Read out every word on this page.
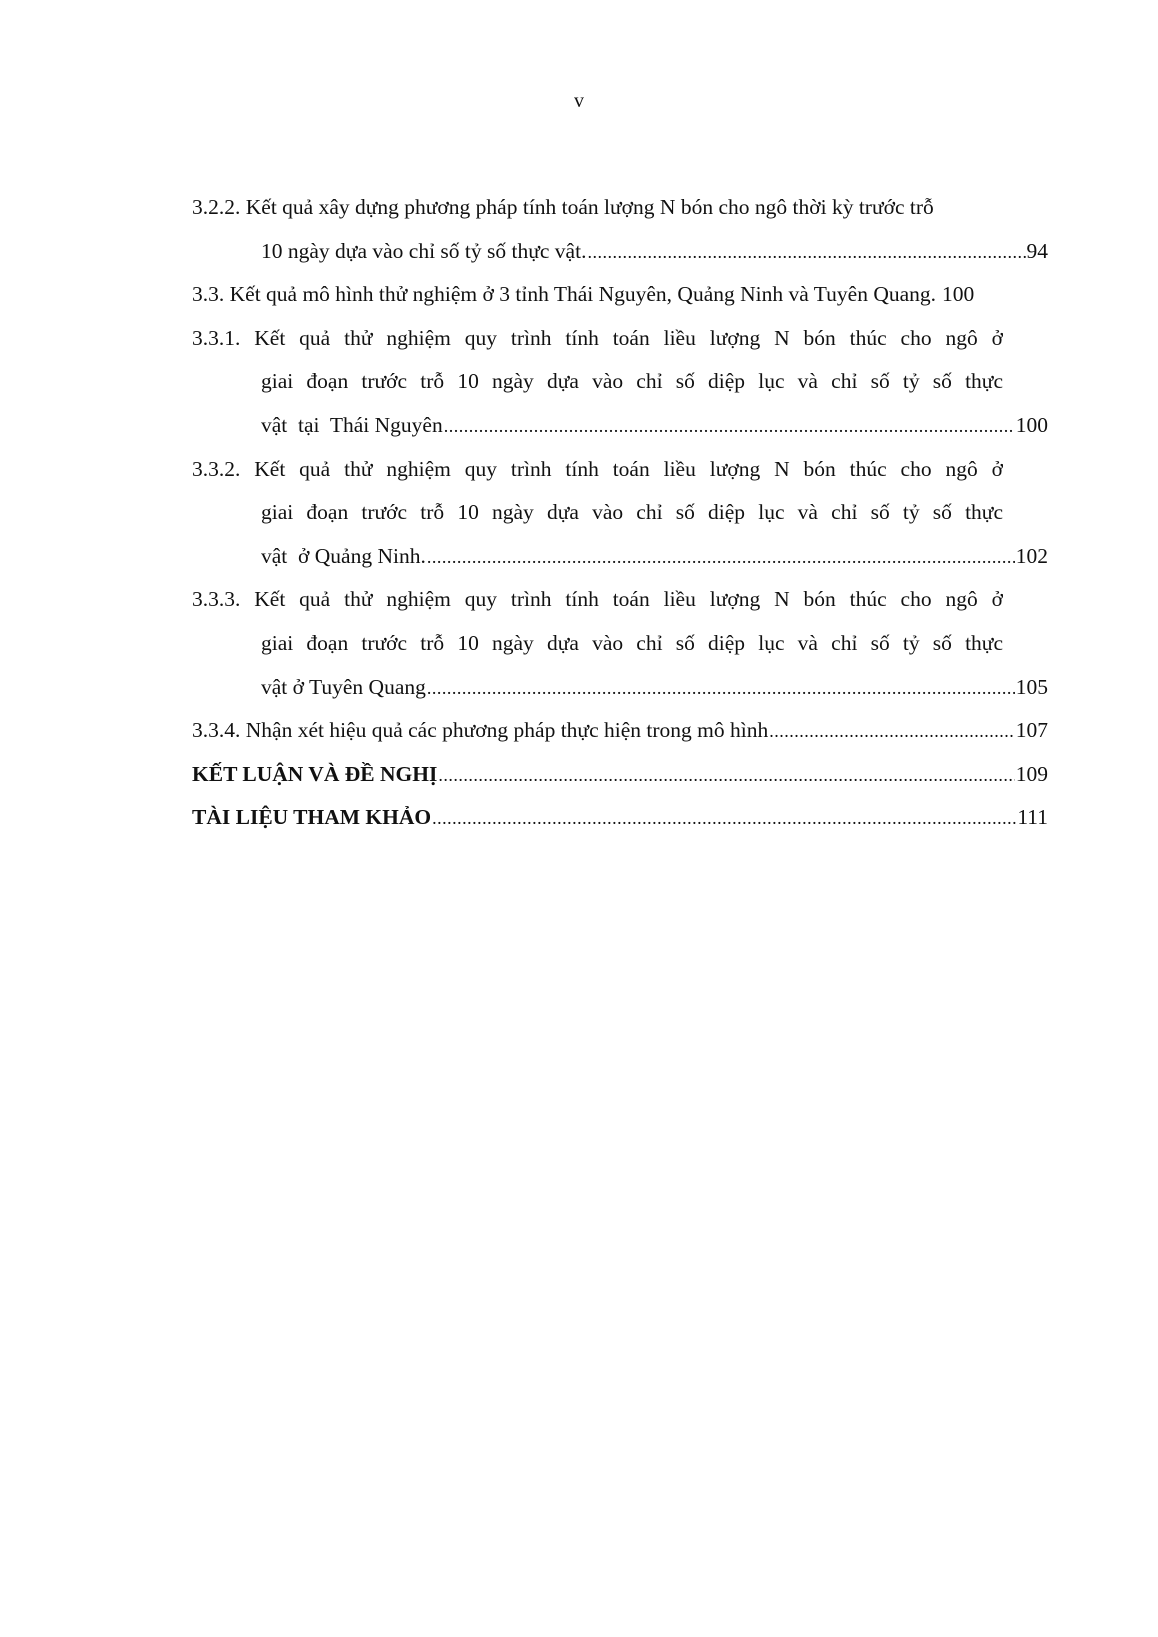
v
3.2.2. Kết quả xây dựng phương pháp tính toán lượng N bón cho ngô thời kỳ trước trỗ
10 ngày dựa vào chỉ số tỷ số thực vật. .....	94
3.3. Kết quả mô hình thử nghiệm ở 3 tỉnh Thái Nguyên, Quảng Ninh và Tuyên Quang. 100
3.3.1. Kết quả thử nghiệm quy trình tính toán liều lượng N bón thúc cho ngô ở
giai đoạn trước trỗ 10 ngày dựa vào chỉ số diệp lục và chỉ số tỷ số thực
vật  tại  Thái Nguyên .....	100
3.3.2. Kết quả thử nghiệm quy trình tính toán liều lượng N bón thúc cho ngô ở
giai đoạn trước trỗ 10 ngày dựa vào chỉ số diệp lục và chỉ số tỷ số thực
vật  ở Quảng Ninh. .....	102
3.3.3. Kết quả thử nghiệm quy trình tính toán liều lượng N bón thúc cho ngô ở
giai đoạn trước trỗ 10 ngày dựa vào chỉ số diệp lục và chỉ số tỷ số thực
vật ở Tuyên Quang .....	105
3.3.4. Nhận xét hiệu quả các phương pháp thực hiện trong mô hình .....	107
KẾT LUẬN VÀ ĐỀ NGHỊ .....	109
TÀI LIỆU THAM KHẢO .....	111
